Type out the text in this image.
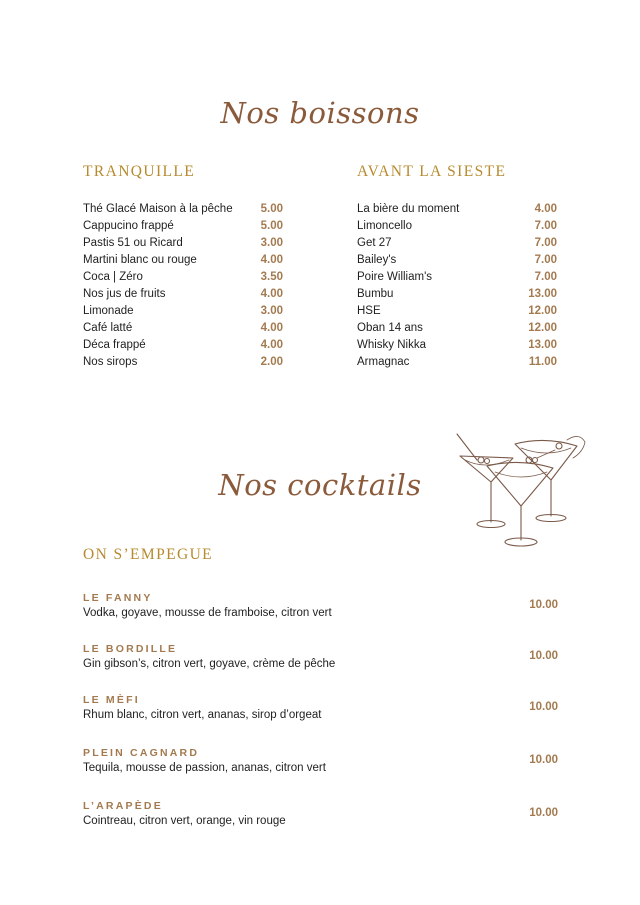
Nos boissons
TRANQUILLE	AVANT LA SIESTE
Thé Glacé Maison à la pêche 5.00
Cappucino frappé	5.00
Pastis 51 ou Ricard	3.00
Martini blanc ou rouge	4.00
Coca | Zéro	3.50
Nos jus de fruits	4.00
Limonade	3.00
Café latté	4.00
Déca frappé	4.00
Nos sirops	2.00
La bière du moment	4.00
Limoncello	7.00
Get 27	7.00
Bailey's	7.00
Poire William's	7.00
Bumbu	13.00
HSE	12.00
Oban 14 ans	12.00
Whisky Nikka	13.00
Armagnac	11.00
Nos cocktails
ON S’EMPEGUE
LE FANNY
Vodka, goyave, mousse de framboise, citron vert
10.00
LE BORDILLE
Gin gibson’s, citron vert, goyave, crème de pêche
10.00
LE MÈFI
Rhum blanc, citron vert, ananas, sirop d’orgeat
10.00
PLEIN CAGNARD
Tequila, mousse de passion, ananas, citron vert
10.00
L’ARAPÈDE
Cointreau, citron vert, orange, vin rouge
10.00
